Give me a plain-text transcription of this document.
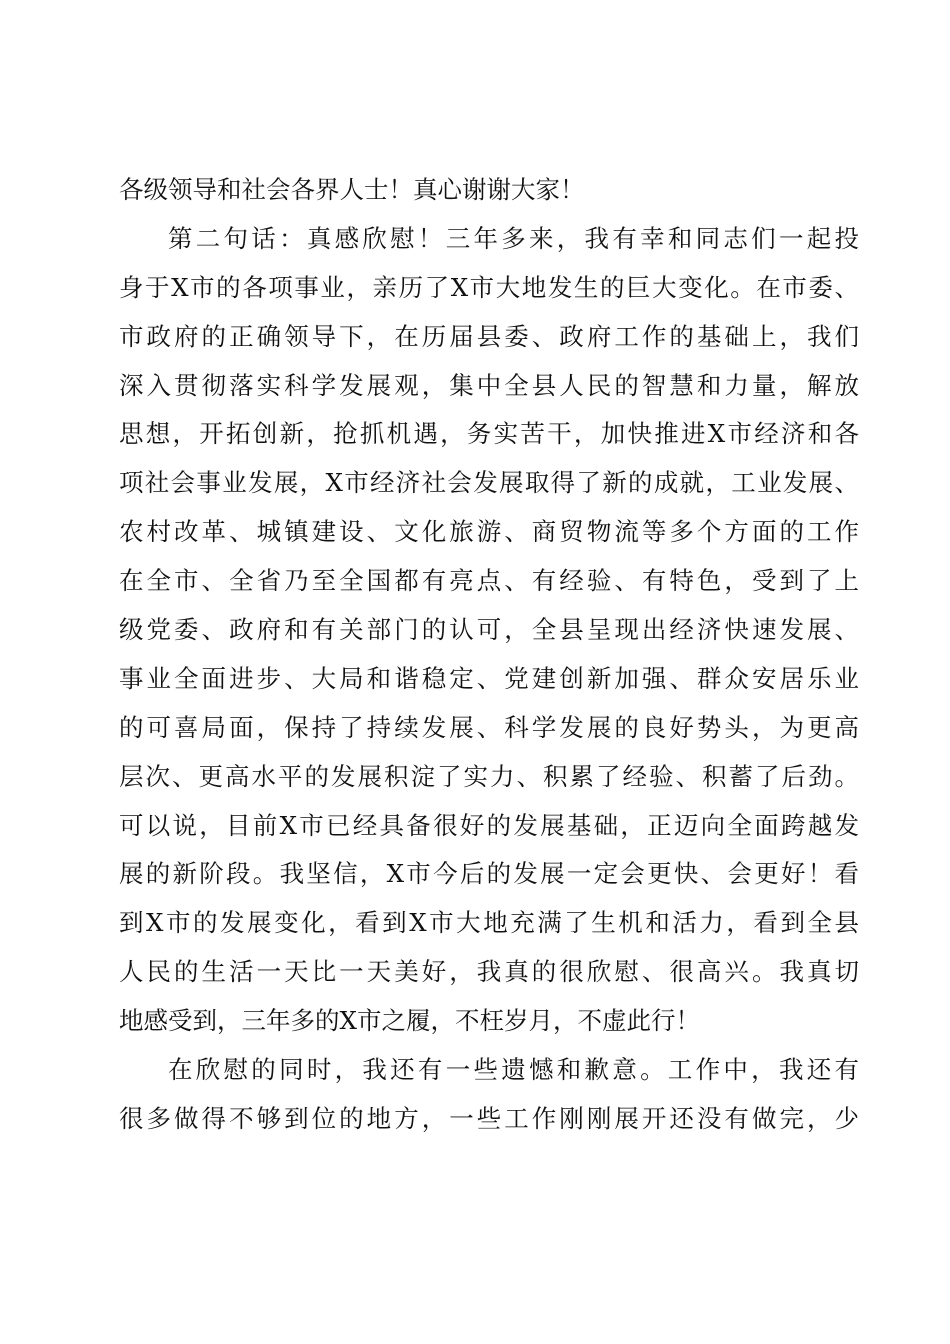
各级领导和社会各界人士！真心谢谢大家！
第二句话：真感欣慰！三年多来，我有幸和同志们一起投
身于X市的各项事业，亲历了X市大地发生的巨大变化。在市委、
市政府的正确领导下，在历届县委、政府工作的基础上，我们
深入贯彻落实科学发展观，集中全县人民的智慧和力量，解放
思想，开拓创新，抢抓机遇，务实苦干，加快推进X市经济和各
项社会事业发展，X市经济社会发展取得了新的成就，工业发展、
农村改革、城镇建设、文化旅游、商贸物流等多个方面的工作
在全市、全省乃至全国都有亮点、有经验、有特色，受到了上
级党委、政府和有关部门的认可，全县呈现出经济快速发展、
事业全面进步、大局和谐稳定、党建创新加强、群众安居乐业
的可喜局面，保持了持续发展、科学发展的良好势头，为更高
层次、更高水平的发展积淀了实力、积累了经验、积蓄了后劲。
可以说，目前X市已经具备很好的发展基础，正迈向全面跨越发
展的新阶段。我坚信，X市今后的发展一定会更快、会更好！看
到X市的发展变化，看到X市大地充满了生机和活力，看到全县
人民的生活一天比一天美好，我真的很欣慰、很高兴。我真切
地感受到，三年多的X市之履，不枉岁月，不虚此行！
在欣慰的同时，我还有一些遗憾和歉意。工作中，我还有
很多做得不够到位的地方，一些工作刚刚展开还没有做完，少
